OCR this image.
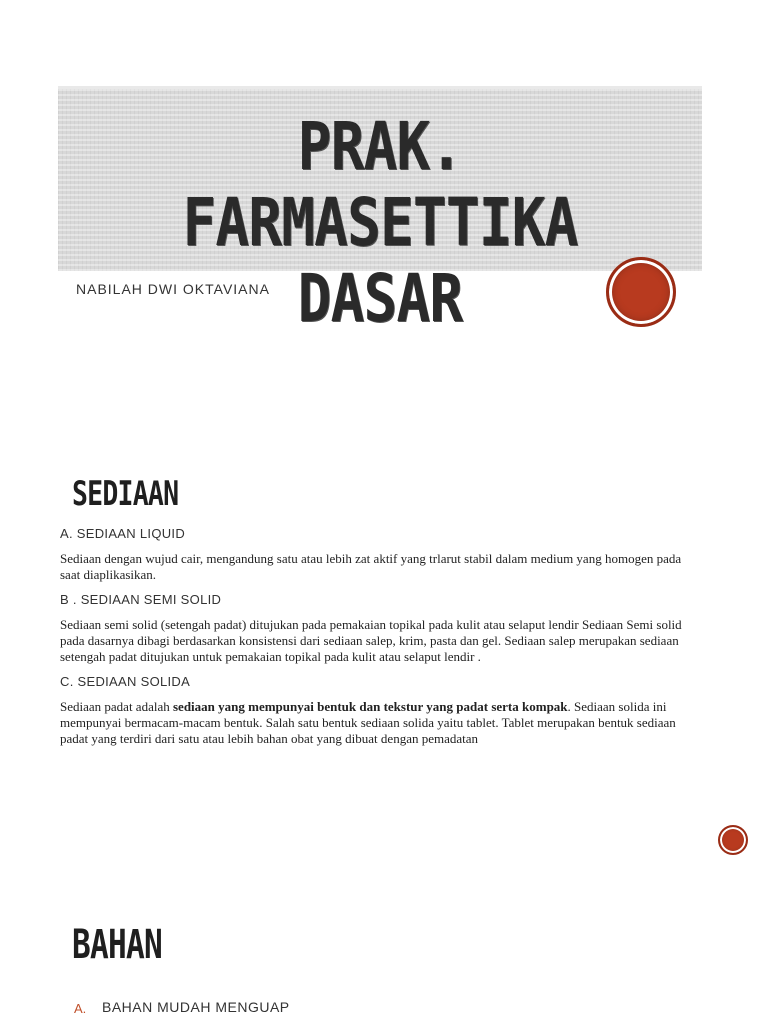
PRAK. FARMASETTIKA
DASAR
NABILAH DWI OKTAVIANA
SEDIAAN
A. SEDIAAN LIQUID
Sediaan dengan wujud cair, mengandung satu atau lebih zat aktif yang trlarut stabil dalam medium yang homogen pada saat diaplikasikan.
B . SEDIAAN SEMI SOLID
Sediaan semi solid (setengah padat) ditujukan pada pemakaian topikal pada kulit atau selaput lendir Sediaan Semi solid pada dasarnya dibagi berdasarkan konsistensi dari sediaan salep, krim, pasta dan gel. Sediaan salep merupakan sediaan setengah padat ditujukan untuk pemakaian topikal pada kulit atau selaput lendir .
C. SEDIAAN SOLIDA
Sediaan padat adalah sediaan yang mempunyai bentuk dan tekstur yang padat serta kompak. Sediaan solida ini mempunyai bermacam-macam bentuk. Salah satu bentuk sediaan solida yaitu tablet. Tablet merupakan bentuk sediaan padat yang terdiri dari satu atau lebih bahan obat yang dibuat dengan pemadatan
BAHAN
A. BAHAN MUDAH MENGUAP
